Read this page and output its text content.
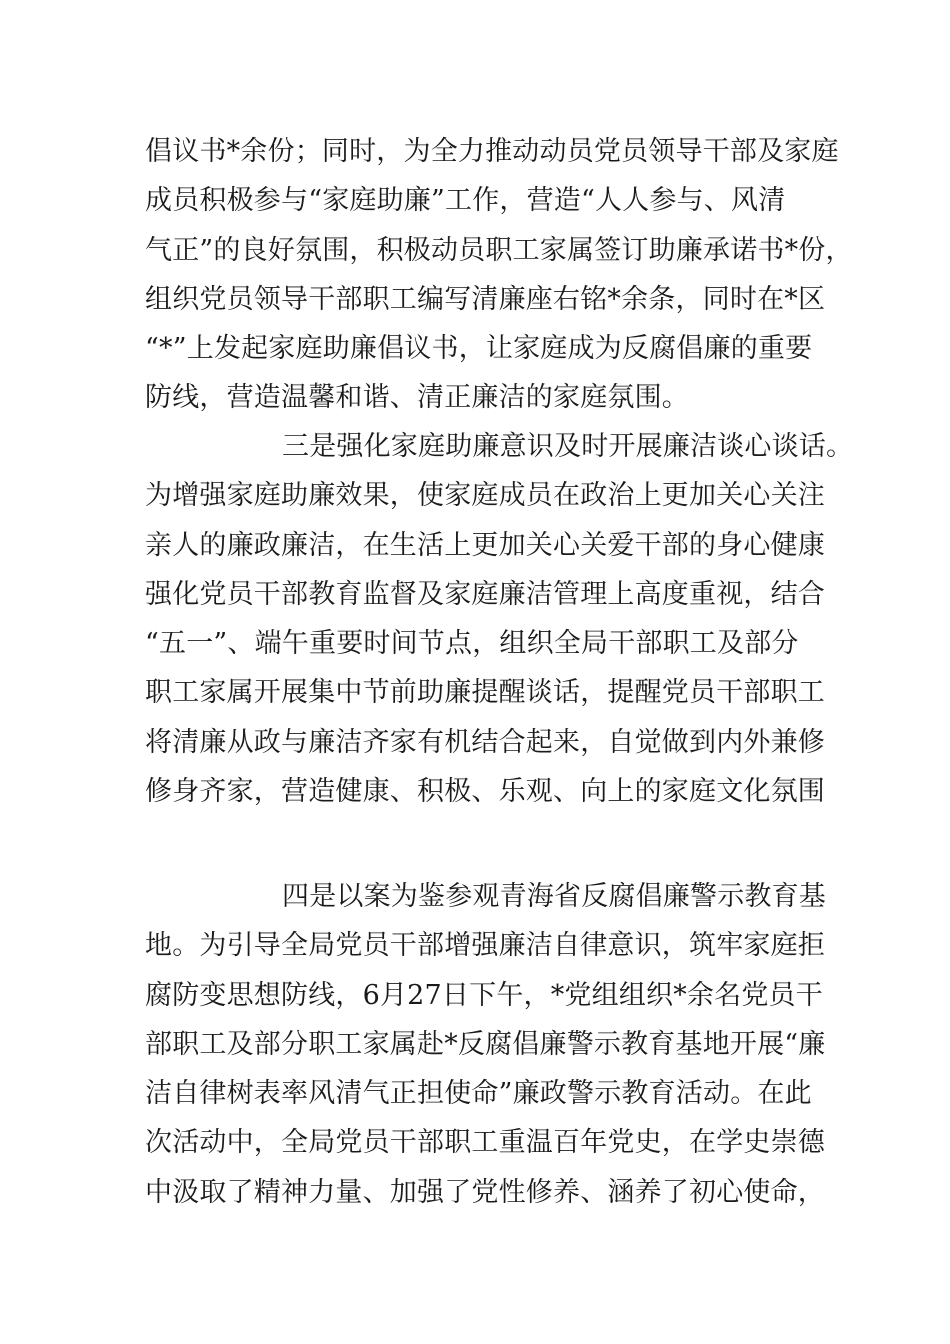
倡议书*余份；同时，为全力推动动员党员领导干部及家庭
成员积极参与“家庭助廉”工作，营造“人人参与、风清
气正”的良好氛围，积极动员职工家属签订助廉承诺书*份，
组织党员领导干部职工编写清廉座右铭*余条，同时在*区
“*”上发起家庭助廉倡议书，让家庭成为反腐倡廉的重要
防线，营造温馨和谐、清正廉洁的家庭氛围。
三是强化家庭助廉意识及时开展廉洁谈心谈话。
为增强家庭助廉效果，使家庭成员在政治上更加关心关注
亲人的廉政廉洁，在生活上更加关心关爱干部的身心健康
强化党员干部教育监督及家庭廉洁管理上高度重视，结合
“五一”、端午重要时间节点，组织全局干部职工及部分
职工家属开展集中节前助廉提醒谈话，提醒党员干部职工
将清廉从政与廉洁齐家有机结合起来，自觉做到内外兼修
修身齐家，营造健康、积极、乐观、向上的家庭文化氛围
四是以案为鉴参观青海省反腐倡廉警示教育基
地。为引导全局党员干部增强廉洁自律意识，筑牢家庭拒
腐防变思想防线，6月27日下午，*党组组织*余名党员干
部职工及部分职工家属赴*反腐倡廉警示教育基地开展“廉
洁自律树表率风清气正担使命”廉政警示教育活动。在此
次活动中，全局党员干部职工重温百年党史，在学史崇德
中汲取了精神力量、加强了党性修养、涵养了初心使命，
